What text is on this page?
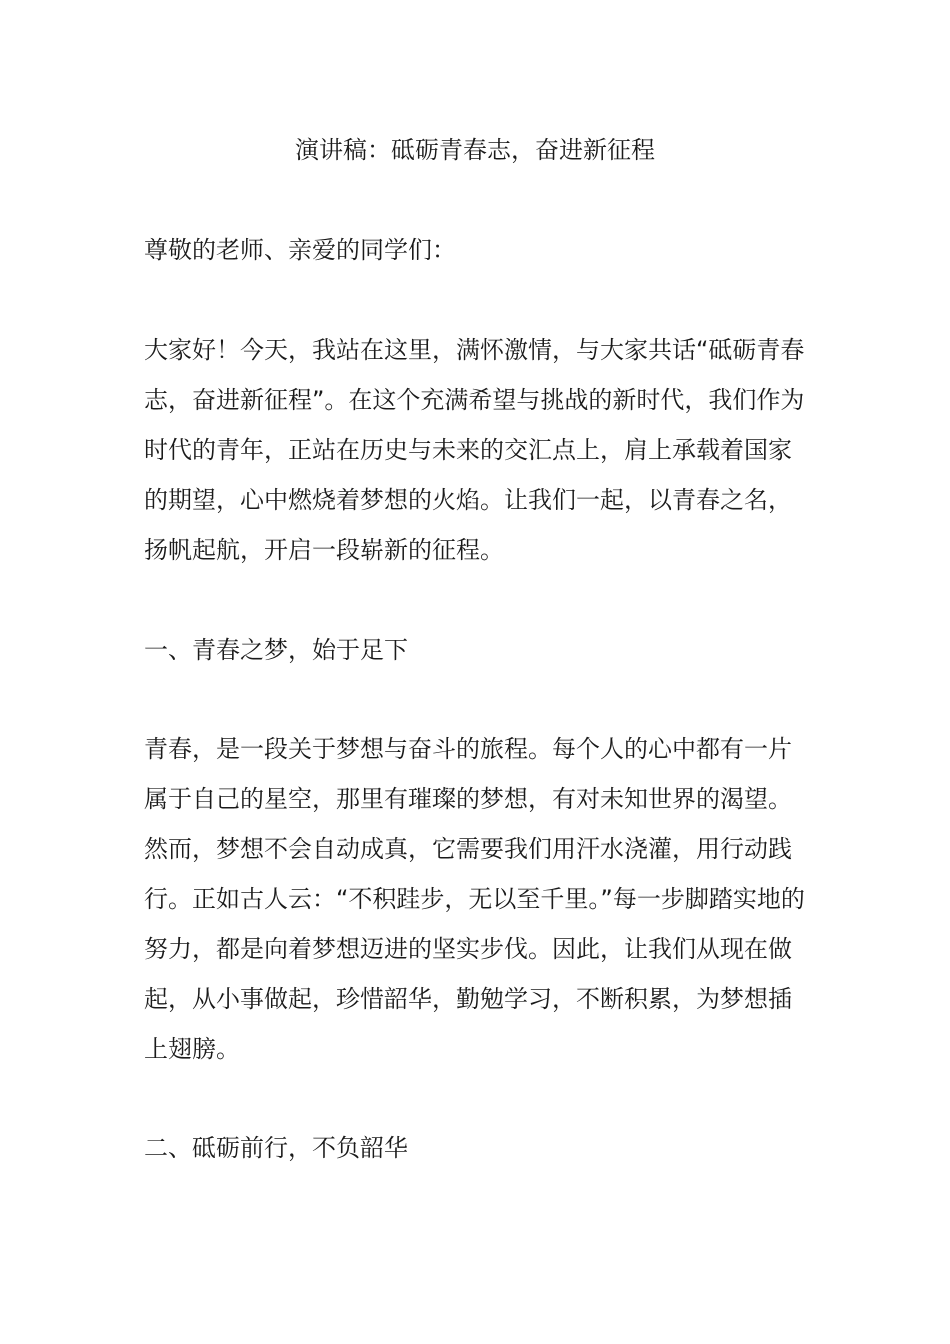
演讲稿：砥砺青春志，奋进新征程

尊敬的老师、亲爱的同学们：

大家好！今天，我站在这里，满怀激情，与大家共话“砥砺青春志，奋进新征程”。在这个充满希望与挑战的新时代，我们作为时代的青年，正站在历史与未来的交汇点上，肩上承载着国家的期望，心中燃烧着梦想的火焰。让我们一起，以青春之名，扬帆起航，开启一段崭新的征程。

一、青春之梦，始于足下

青春，是一段关于梦想与奋斗的旅程。每个人的心中都有一片属于自己的星空，那里有璀璨的梦想，有对未知世界的渴望。然而，梦想不会自动成真，它需要我们用汗水浇灌，用行动践行。正如古人云：“不积跬步，无以至千里。”每一步脚踏实地的努力，都是向着梦想迈进的坚实步伐。因此，让我们从现在做起，从小事做起，珍惜韶华，勤勉学习，不断积累，为梦想插上翅膀。

二、砥砺前行，不负韶华
